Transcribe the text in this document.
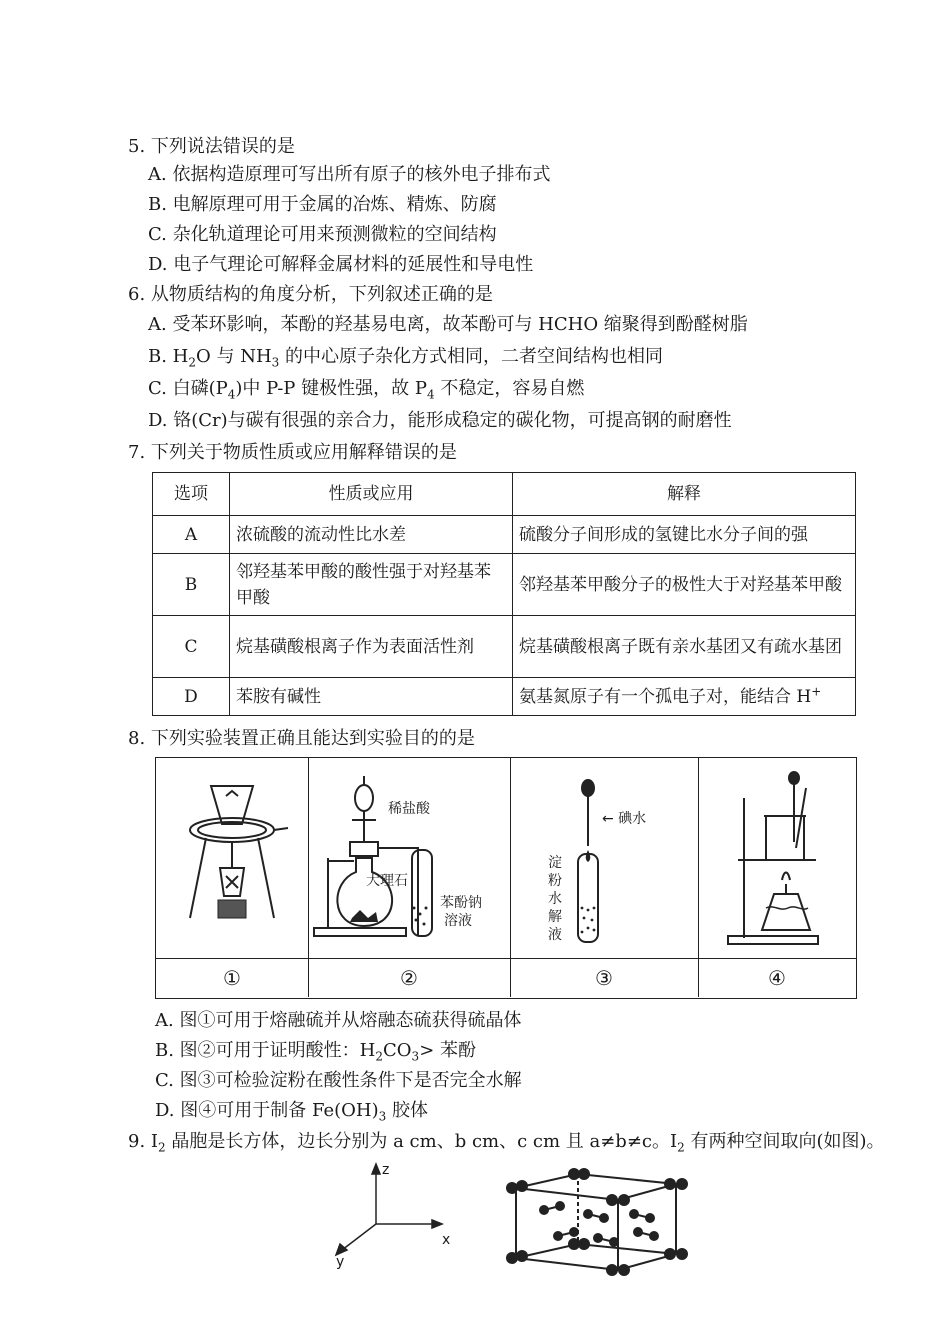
5. 下列说法错误的是
A. 依据构造原理可写出所有原子的核外电子排布式
B. 电解原理可用于金属的冶炼、精炼、防腐
C. 杂化轨道理论可用来预测微粒的空间结构
D. 电子气理论可解释金属材料的延展性和导电性
6. 从物质结构的角度分析，下列叙述正确的是
A. 受苯环影响，苯酚的羟基易电离，故苯酚可与 HCHO 缩聚得到酚醛树脂
B. $H_2O$ 与 $NH_3$ 的中心原子杂化方式相同，二者空间结构也相同
C. 白磷$(P_4)$中 P-P 键极性强，故 $P_4$ 不稳定，容易自燃
D. 铬(Cr)与碳有很强的亲合力，能形成稳定的碳化物，可提高钢的耐磨性
7. 下列关于物质性质或应用解释错误的是
选项	性质或应用	解释
A	浓硫酸的流动性比水差	硫酸分子间形成的氢键比水分子间的强
B	邻羟基苯甲酸的酸性强于对羟基苯甲酸	邻羟基苯甲酸分子的极性大于对羟基苯甲酸
C	烷基磺酸根离子作为表面活性剂	烷基磺酸根离子既有亲水基团又有疏水基团
D	苯胺有碱性	氨基氮原子有一个孤电子对，能结合 H+
8. 下列实验装置正确且能达到实验目的的是
稀盐酸
大理石
苯酚钠
溶液
← 碘水
淀
粉
水
解
液
①	②	③	④
A. 图①可用于熔融硫并从熔融态硫获得硫晶体
B. 图②可用于证明酸性：$H_2CO_3>$ 苯酚
C. 图③可检验淀粉在酸性条件下是否完全水解
D. 图④可用于制备 $Fe(OH)_3$ 胶体
9. $I_2$ 晶胞是长方体，边长分别为 a cm、b cm、c cm 且 a≠b≠c。$I_2$ 有两种空间取向(如图)。
z
x
y
